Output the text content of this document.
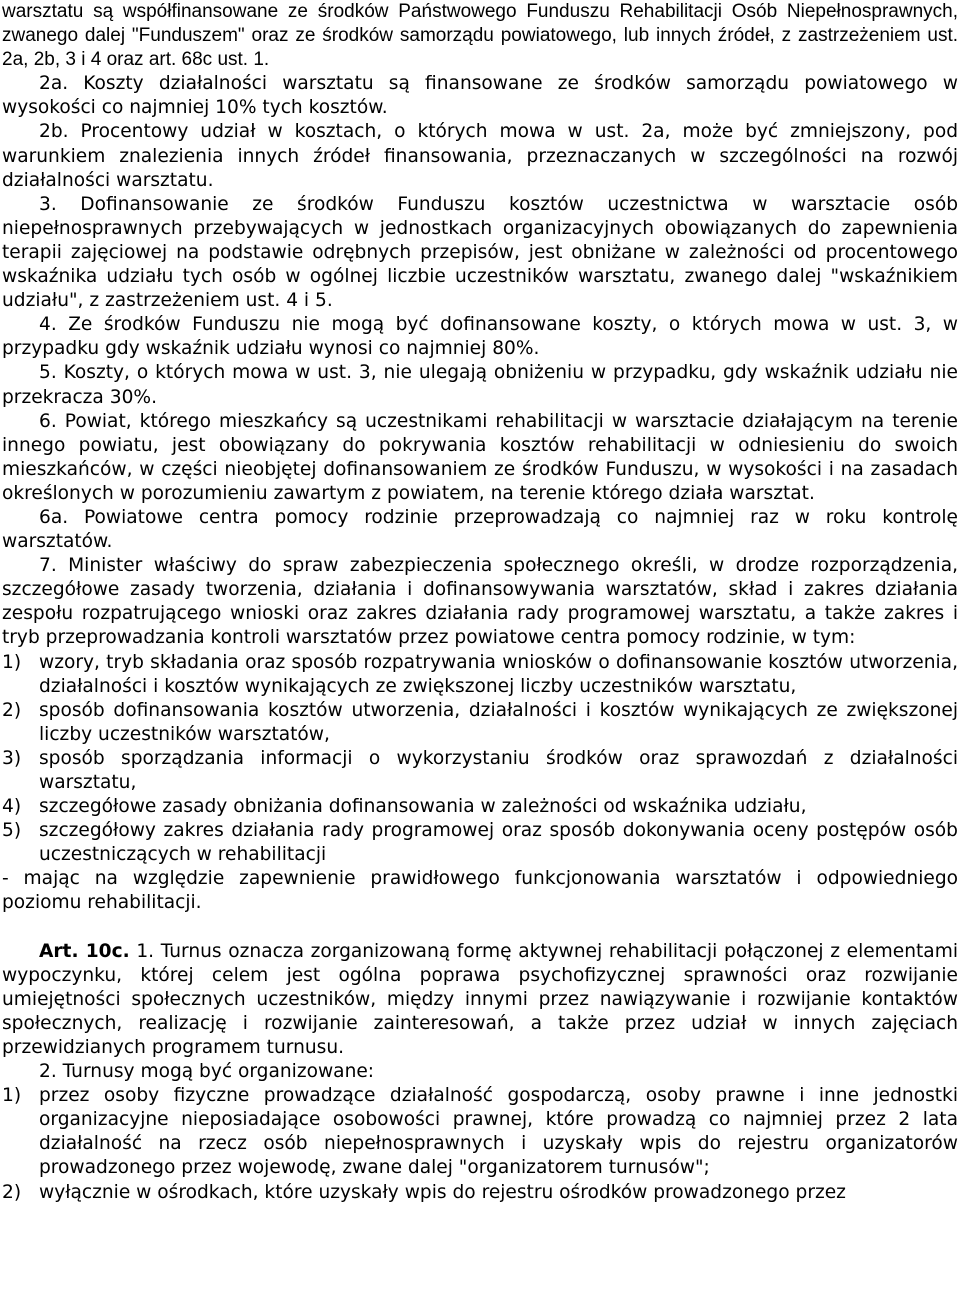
warsztatu są współfinansowane ze środków Państwowego Funduszu Rehabilitacji Osób Niepełnosprawnych, zwanego dalej "Funduszem" oraz ze środków samorządu powiatowego, lub innych źródeł, z zastrzeżeniem ust. 2a, 2b, 3 i 4 oraz art. 68c ust. 1.

2a. Koszty działalności warsztatu są finansowane ze środków samorządu powiatowego w wysokości co najmniej 10% tych kosztów.

2b. Procentowy udział w kosztach, o których mowa w ust. 2a, może być zmniejszony, pod warunkiem znalezienia innych źródeł finansowania, przeznaczanych w szczególności na rozwój działalności warsztatu.

3. Dofinansowanie ze środków Funduszu kosztów uczestnictwa w warsztacie osób niepełnosprawnych przebywających w jednostkach organizacyjnych obowiązanych do zapewnienia terapii zajęciowej na podstawie odrębnych przepisów, jest obniżane w zależności od procentowego wskaźnika udziału tych osób w ogólnej liczbie uczestników warsztatu, zwanego dalej "wskaźnikiem udziału", z zastrzeżeniem ust. 4 i 5.

4. Ze środków Funduszu nie mogą być dofinansowane koszty, o których mowa w ust. 3, w przypadku gdy wskaźnik udziału wynosi co najmniej 80%.

5. Koszty, o których mowa w ust. 3, nie ulegają obniżeniu w przypadku, gdy wskaźnik udziału nie przekracza 30%.

6. Powiat, którego mieszkańcy są uczestnikami rehabilitacji w warsztacie działającym na terenie innego powiatu, jest obowiązany do pokrywania kosztów rehabilitacji w odniesieniu do swoich mieszkańców, w części nieobjętej dofinansowaniem ze środków Funduszu, w wysokości i na zasadach określonych w porozumieniu zawartym z powiatem, na terenie którego działa warsztat.

6a. Powiatowe centra pomocy rodzinie przeprowadzają co najmniej raz w roku kontrolę warsztatów.

7. Minister właściwy do spraw zabezpieczenia społecznego określi, w drodze rozporządzenia, szczegółowe zasady tworzenia, działania i dofinansowywania warsztatów, skład i zakres działania zespołu rozpatrującego wnioski oraz zakres działania rady programowej warsztatu, a także zakres i tryb przeprowadzania kontroli warsztatów przez powiatowe centra pomocy rodzinie, w tym:

1) wzory, tryb składania oraz sposób rozpatrywania wniosków o dofinansowanie kosztów utworzenia, działalności i kosztów wynikających ze zwiększonej liczby uczestników warsztatu,
2) sposób dofinansowania kosztów utworzenia, działalności i kosztów wynikających ze zwiększonej liczby uczestników warsztatów,
3) sposób sporządzania informacji o wykorzystaniu środków oraz sprawozdań z działalności warsztatu,
4) szczegółowe zasady obniżania dofinansowania w zależności od wskaźnika udziału,
5) szczegółowy zakres działania rady programowej oraz sposób dokonywania oceny postępów osób uczestniczących w rehabilitacji

- mając na względzie zapewnienie prawidłowego funkcjonowania warsztatów i odpowiedniego poziomu rehabilitacji.

Art. 10c. 1. Turnus oznacza zorganizowaną formę aktywnej rehabilitacji połączonej z elementami wypoczynku, której celem jest ogólna poprawa psychofizycznej sprawności oraz rozwijanie umiejętności społecznych uczestników, między innymi przez nawiązywanie i rozwijanie kontaktów społecznych, realizację i rozwijanie zainteresowań, a także przez udział w innych zajęciach przewidzianych programem turnusu.

2. Turnusy mogą być organizowane:

1) przez osoby fizyczne prowadzące działalność gospodarczą, osoby prawne i inne jednostki organizacyjne nieposiadające osobowości prawnej, które prowadzą co najmniej przez 2 lata działalność na rzecz osób niepełnosprawnych i uzyskały wpis do rejestru organizatorów prowadzonego przez wojewodę, zwane dalej "organizatorem turnusów";
2) wyłącznie w ośrodkach, które uzyskały wpis do rejestru ośrodków prowadzonego przez
